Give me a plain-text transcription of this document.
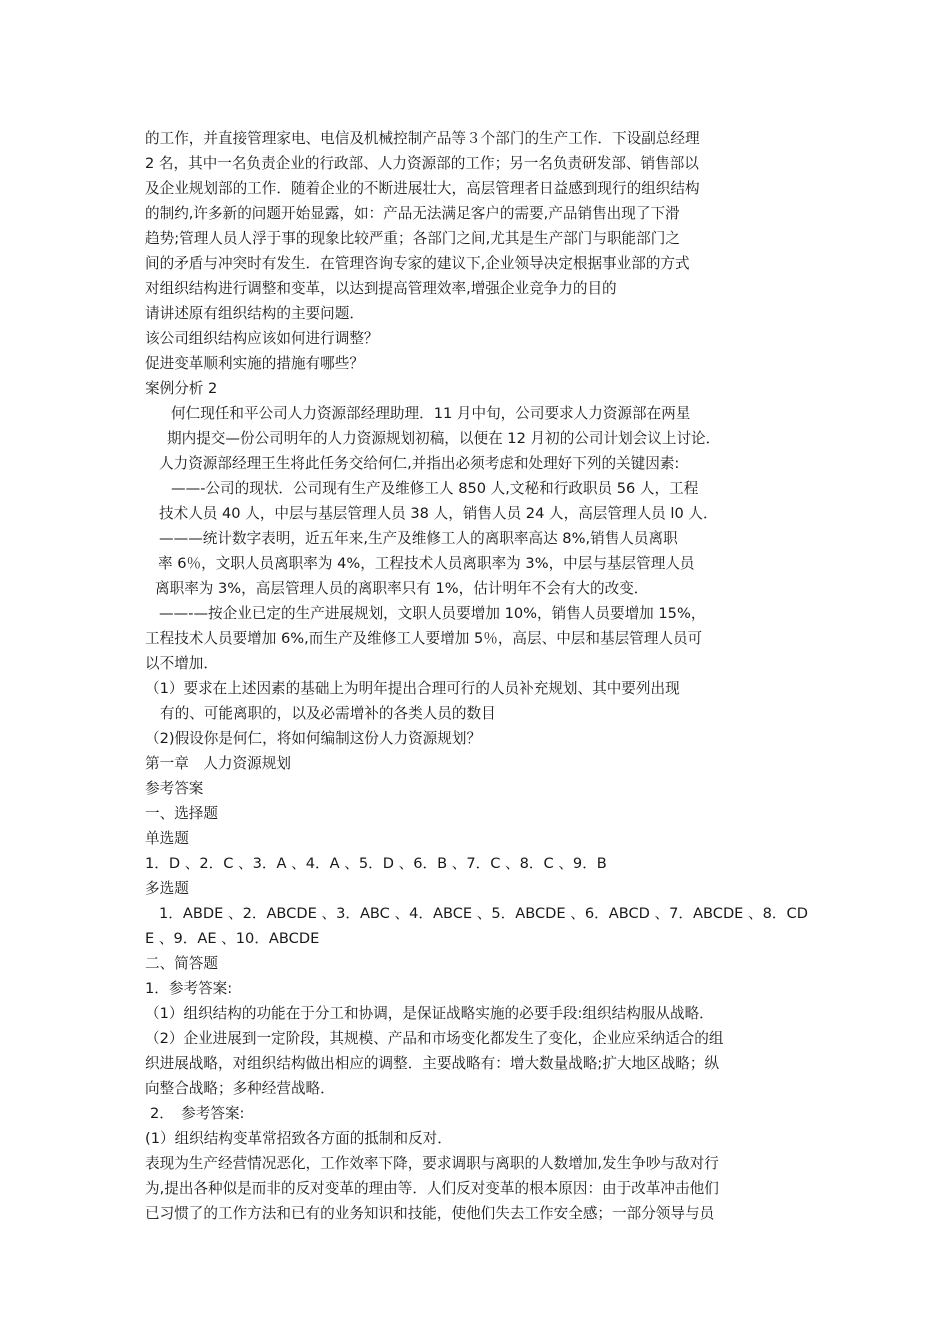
的工作，并直接管理家电、电信及机械控制产品等３个部门的生产工作．下设副总经理
2 名，其中一名负责企业的行政部、人力资源部的工作；另一名负责研发部、销售部以
及企业规划部的工作．随着企业的不断进展壮大，高层管理者日益感到现行的组织结构
的制约,许多新的问题开始显露，如：产品无法满足客户的需要,产品销售出现了下滑
趋势;管理人员人浮于事的现象比较严重；各部门之间,尤其是生产部门与职能部门之
间的矛盾与冲突时有发生．在管理咨询专家的建议下,企业领导决定根据事业部的方式
对组织结构进行调整和变革，以达到提高管理效率,增强企业竞争力的目的
请讲述原有组织结构的主要问题．
该公司组织结构应该如何进行调整？
促进变革顺利实施的措施有哪些？
案例分析 2
何仁现任和平公司人力资源部经理助理．11 月中旬，公司要求人力资源部在两星
期内提交—份公司明年的人力资源规划初稿，以便在 12 月初的公司计划会议上讨论．
人力资源部经理王生将此任务交给何仁,并指出必须考虑和处理好下列的关键因素:
——-公司的现状．公司现有生产及维修工人 850 人,文秘和行政职员 56 人，工程
技术人员 40 人，中层与基层管理人员 38 人，销售人员 24 人，高层管理人员 l0 人．
———统计数字表明，近五年来,生产及维修工人的离职率高达 8%,销售人员离职
率 6％，文职人员离职率为 4%，工程技术人员离职率为 3%，中层与基层管理人员
离职率为 3%，高层管理人员的离职率只有 1%，估计明年不会有大的改变．
——-—按企业已定的生产进展规划，文职人员要增加 10%，销售人员要增加 15%，
工程技术人员要增加 6%,而生产及维修工人要增加 5％，高层、中层和基层管理人员可
以不增加．
（1）要求在上述因素的基础上为明年提出合理可行的人员补充规划、其中要列出现
有的、可能离职的，以及必需增补的各类人员的数目
（2)假设你是何仁，将如何编制这份人力资源规划？
第一章　人力资源规划
参考答案
一、选择题
单选题
1．D 、2．C 、3．A 、4．A 、5．D 、6．B 、7．C 、8．C 、9．B
多选题
1．ABDE 、2．ABCDE 、3．ABC 、4．ABCE 、5．ABCDE 、6．ABCD 、7．ABCDE 、8．CD
E 、9．AE 、10．ABCDE
二、简答题
1．参考答案:
（1）组织结构的功能在于分工和协调，是保证战略实施的必要手段:组织结构服从战略．
（2）企业进展到一定阶段，其规模、产品和市场变化都发生了变化，企业应采纳适合的组
织进展战略，对组织结构做出相应的调整．主要战略有：增大数量战略;扩大地区战略；纵
向整合战略；多种经营战略．
2．　参考答案:
(1）组织结构变革常招致各方面的抵制和反对．
表现为生产经营情况恶化，工作效率下降，要求调职与离职的人数增加,发生争吵与敌对行
为,提出各种似是而非的反对变革的理由等．人们反对变革的根本原因：由于改革冲击他们
已习惯了的工作方法和已有的业务知识和技能，使他们失去工作安全感；一部分领导与员
